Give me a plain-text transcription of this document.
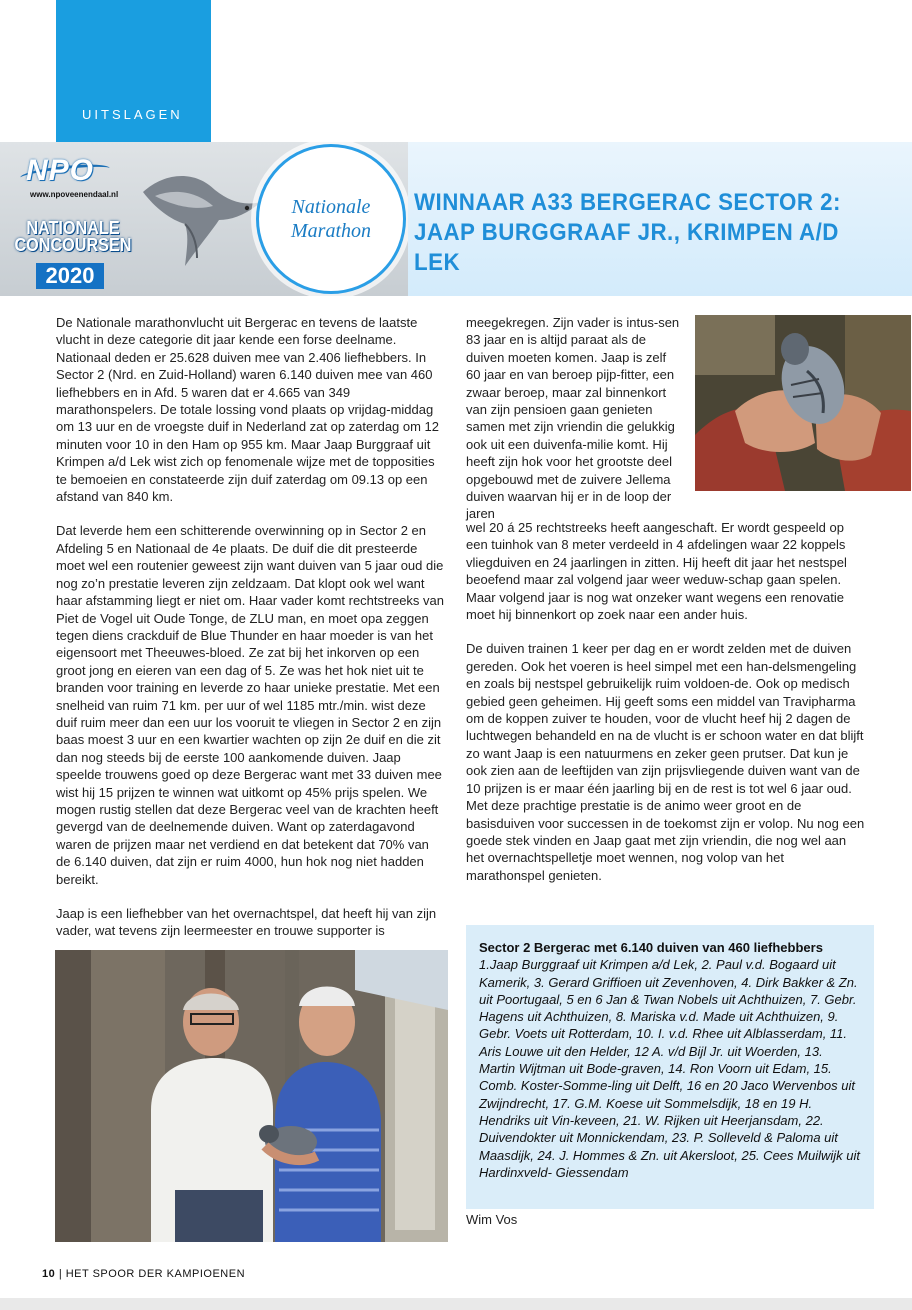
UITSLAGEN
NPO
www.npoveenendaal.nl
NATIONALE CONCOURSEN
2020
Nationale
Marathon
WINNAAR A33 BERGERAC SECTOR 2:
JAAP BURGGRAAF JR., KRIMPEN A/D LEK

De Nationale marathonvlucht uit Bergerac en tevens de laatste vlucht in deze categorie dit jaar kende een forse deelname. Nationaal deden er 25.628 duiven mee van 2.406 liefhebbers. In Sector 2 (Nrd. en Zuid-Holland) waren 6.140 duiven mee van 460 liefhebbers en in Afd. 5 waren dat er 4.665 van 349 marathonspelers. De totale lossing vond plaats op vrijdag-middag om 13 uur en de vroegste duif in Nederland zat op zaterdag om 12 minuten voor 10 in den Ham op 955 km. Maar Jaap Burggraaf uit Krimpen a/d Lek wist zich op fenomenale wijze met de topposities te bemoeien en constateerde zijn duif zaterdag om 09.13 op een afstand van 840 km.

Dat leverde hem een schitterende overwinning op in Sector 2 en Afdeling 5 en Nationaal de 4e plaats. De duif die dit presteerde moet wel een routenier geweest zijn want duiven van 5 jaar oud die nog zo’n prestatie leveren zijn zeldzaam. Dat klopt ook wel want haar afstamming liegt er niet om. Haar vader komt rechtstreeks van Piet de Vogel uit Oude Tonge, de ZLU man, en moet opa zeggen tegen diens crackduif de Blue Thunder en haar moeder is van het eigensoort met Theeuwes-bloed. Ze zat bij het inkorven op een groot jong en eieren van een dag of 5. Ze was het hok niet uit te branden voor training en leverde zo haar unieke prestatie. Met een snelheid van ruim 71 km. per uur of wel 1185 mtr./min. wist deze duif ruim meer dan een uur los vooruit te vliegen in Sector 2 en zijn baas moest 3 uur en een kwartier wachten op zijn 2e duif en die zit dan nog steeds bij de eerste 100 aankomende duiven. Jaap speelde trouwens goed op deze Bergerac want met 33 duiven mee wist hij 15 prijzen te winnen wat uitkomt op 45% prijs spelen. We mogen rustig stellen dat deze Bergerac veel van de krachten heeft gevergd van de deelnemende duiven. Want op zaterdagavond waren de prijzen maar net verdiend en dat betekent dat 70% van de 6.140 duiven, dat zijn er ruim 4000, hun hok nog niet hadden bereikt.

Jaap is een liefhebber van het overnachtspel, dat heeft hij van zijn vader, wat tevens zijn leermeester en trouwe supporter is

meegekregen. Zijn vader is intus-sen 83 jaar en is altijd paraat als de duiven moeten komen. Jaap is zelf 60 jaar en van beroep pijp-fitter, een zwaar beroep, maar zal binnenkort van zijn pensioen gaan genieten samen met zijn vriendin die gelukkig ook uit een duivenfa-milie komt. Hij heeft zijn hok voor het grootste deel opgebouwd met de zuivere Jellema duiven waarvan hij er in de loop der jaren

wel 20 á 25 rechtstreeks heeft aangeschaft. Er wordt gespeeld op een tuinhok van 8 meter verdeeld in 4 afdelingen waar 22 koppels vliegduiven en 24 jaarlingen in zitten. Hij heeft dit jaar het nestspel beoefend maar zal volgend jaar weer weduw-schap gaan spelen. Maar volgend jaar is nog wat onzeker want wegens een renovatie moet hij binnenkort op zoek naar een ander huis.

De duiven trainen 1 keer per dag en er wordt zelden met de duiven gereden. Ook het voeren is heel simpel met een han-delsmengeling en zoals bij nestspel gebruikelijk ruim voldoen-de. Ook op medisch gebied geen geheimen. Hij geeft soms een middel van Travipharma om de koppen zuiver te houden, voor de vlucht heef hij 2 dagen de luchtwegen behandeld en na de vlucht is er schoon water en dat blijft zo want Jaap is een natuurmens en zeker geen prutser. Dat kun je ook zien aan de leeftijden van zijn prijsvliegende duiven want van de 10 prijzen is er maar één jaarling bij en de rest is tot wel 6 jaar oud. Met deze prachtige prestatie is de animo weer groot en de basisduiven voor successen in de toekomst zijn er volop. Nu nog een goede stek vinden en Jaap gaat met zijn vriendin, die nog wel aan het overnachtspelletje moet wennen, nog volop van het marathonspel genieten.

Sector 2 Bergerac met 6.140 duiven van 460 liefhebbers
1.Jaap Burggraaf uit Krimpen a/d Lek, 2. Paul v.d. Bogaard uit Kamerik, 3. Gerard Griffioen uit Zevenhoven, 4. Dirk Bakker & Zn. uit Poortugaal, 5 en 6 Jan & Twan Nobels uit Achthuizen, 7. Gebr. Hagens uit Achthuizen, 8. Mariska v.d. Made uit Achthuizen, 9. Gebr. Voets uit Rotterdam, 10. I. v.d. Rhee uit Alblasserdam, 11. Aris Louwe uit den Helder, 12 A. v/d Bijl Jr. uit Woerden, 13. Martin Wijtman uit Bode-graven, 14. Ron Voorn uit Edam, 15. Comb. Koster-Somme-ling uit Delft, 16 en 20 Jaco Wervenbos uit Zwijndrecht, 17. G.M. Koese uit Sommelsdijk, 18 en 19 H. Hendriks uit Vin-keveen, 21. W. Rijken uit Heerjansdam, 22. Duivendokter uit Monnickendam, 23. P. Solleveld & Paloma uit Maasdijk, 24. J. Hommes & Zn. uit Akersloot, 25. Cees Muilwijk uit Hardinxveld- Giessendam
Wim Vos
10 | HET SPOOR DER KAMPIOENEN
